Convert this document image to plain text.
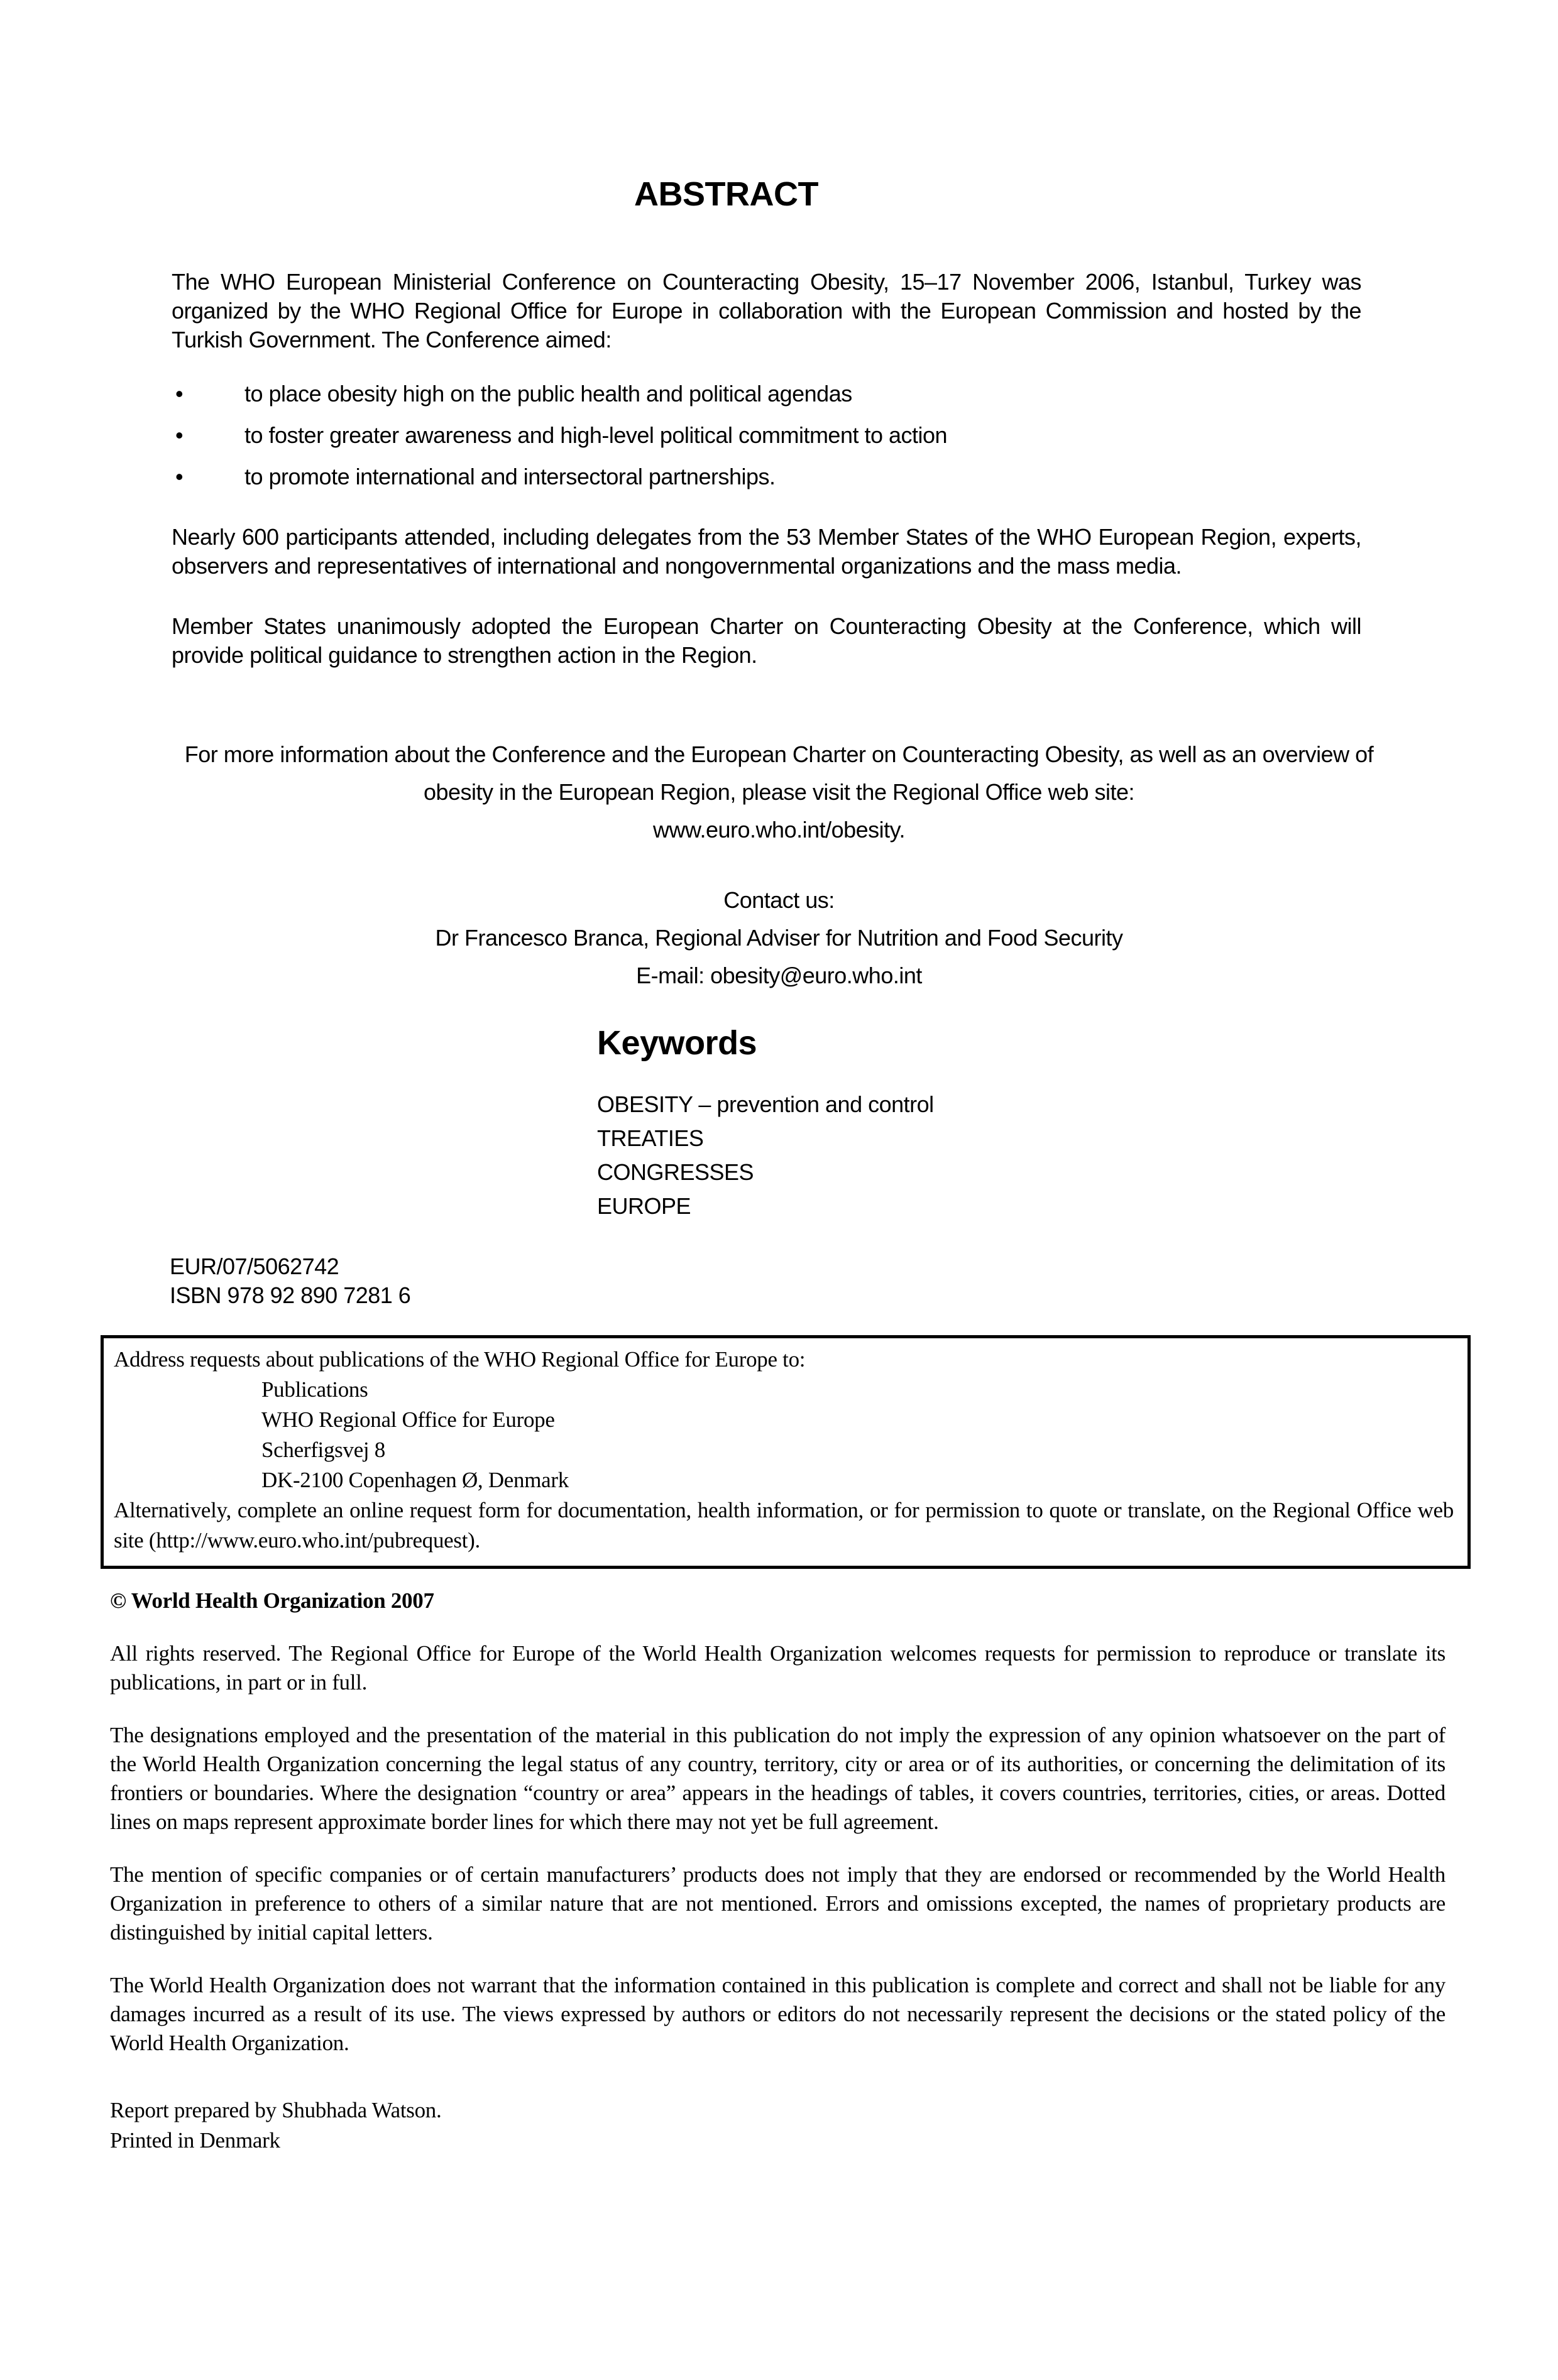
ABSTRACT

The WHO European Ministerial Conference on Counteracting Obesity, 15–17 November 2006, Istanbul, Turkey was organized by the WHO Regional Office for Europe in collaboration with the European Commission and hosted by the Turkish Government. The Conference aimed:

•	to place obesity high on the public health and political agendas
•	to foster greater awareness and high-level political commitment to action
•	to promote international and intersectoral partnerships.

Nearly 600 participants attended, including delegates from the 53 Member States of the WHO European Region, experts, observers and representatives of international and nongovernmental organizations and the mass media.

Member States unanimously adopted the European Charter on Counteracting Obesity at the Conference, which will provide political guidance to strengthen action in the Region.

For more information about the Conference and the European Charter on Counteracting Obesity, as well as an overview of
obesity in the European Region, please visit the Regional Office web site:
www.euro.who.int/obesity.
Contact us:
Dr Francesco Branca, Regional Adviser for Nutrition and Food Security
E-mail: obesity@euro.who.int
Keywords
OBESITY – prevention and control
TREATIES
CONGRESSES
EUROPE
EUR/07/5062742
ISBN 978 92 890 7281 6
Address requests about publications of the WHO Regional Office for Europe to:
Publications
WHO Regional Office for Europe
Scherfigsvej 8
DK-2100 Copenhagen Ø, Denmark
Alternatively, complete an online request form for documentation, health information, or for permission to quote or translate, on the Regional Office web site (http://www.euro.who.int/pubrequest).
© World Health Organization 2007

All rights reserved. The Regional Office for Europe of the World Health Organization welcomes requests for permission to reproduce or translate its publications, in part or in full.

The designations employed and the presentation of the material in this publication do not imply the expression of any opinion whatsoever on the part of the World Health Organization concerning the legal status of any country, territory, city or area or of its authorities, or concerning the delimitation of its frontiers or boundaries. Where the designation “country or area” appears in the headings of tables, it covers countries, territories, cities, or areas. Dotted lines on maps represent approximate border lines for which there may not yet be full agreement.

The mention of specific companies or of certain manufacturers’ products does not imply that they are endorsed or recommended by the World Health Organization in preference to others of a similar nature that are not mentioned. Errors and omissions excepted, the names of proprietary products are distinguished by initial capital letters.

The World Health Organization does not warrant that the information contained in this publication is complete and correct and shall not be liable for any damages incurred as a result of its use. The views expressed by authors or editors do not necessarily represent the decisions or the stated policy of the World Health Organization.

Report prepared by Shubhada Watson.
Printed in Denmark
